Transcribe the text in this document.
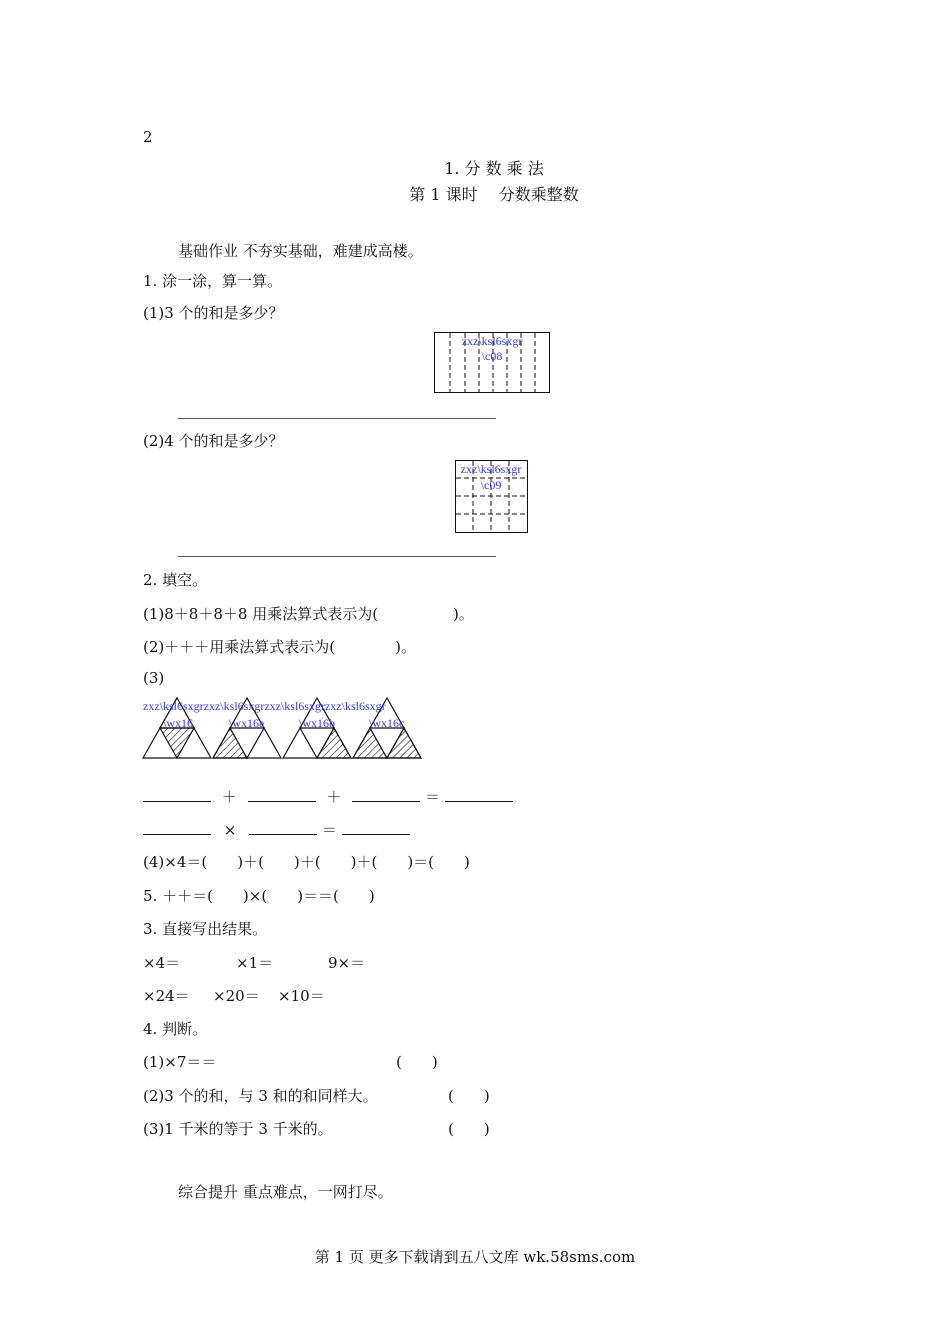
2
1. 分 数 乘 法
第 1 课时　 分数乘整数
基础作业 不夯实基础，难建成高楼。
1. 涂一涂，算一算。
(1)3 个的和是多少？
zxz\ksl6sxgr
\c08
(2)4 个的和是多少？
zxz\ksl6sxgr
\c09
2. 填空。
(1)8＋8＋8＋8 用乘法算式表示为(　　　　　)。
(2)＋＋＋用乘法算式表示为(　　　　)。
(3)
zxz\ksl6sxgrzxz\ksl6sxgrzxz\ksl6sxgrzxz\ksl6sxgr
\wx16	\wx16a	\wx16b	\wx16c
＋	＋	＝
×	＝
(4)×4＝(　　)＋(　　)＋(　　)＋(　　)＝(　　)
5. ＋＋＝(　　)×(　　)＝＝(　　)
3. 直接写出结果。
×4＝	×1＝	9×＝
×24＝ ×20＝ ×10＝
4. 判断。
(1)×7＝＝	(　　)
(2)3 个的和，与 3 和的和同样大。	(　　)
(3)1 千米的等于 3 千米的。	(　　)
综合提升 重点难点，一网打尽。
第 1 页 更多下载请到五八文库 wk.58sms.com
